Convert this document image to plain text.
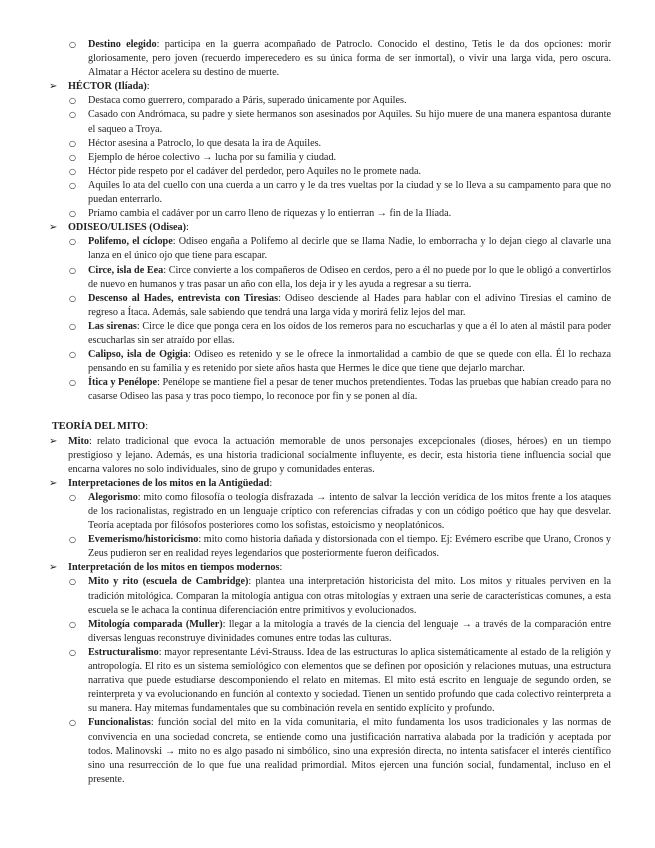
○ Destino elegido: participa en la guerra acompañado de Patroclo. Conocido el destino, Tetis le da dos opciones: morir gloriosamente, pero joven (recuerdo imperecedero es su única forma de ser inmortal), o vivir una larga vida, pero oscura. Almatar a Héctor acelera su destino de muerte.
➢ HÉCTOR (Ilíada):
○ Destaca como guerrero, comparado a Páris, superado únicamente por Aquiles.
○ Casado con Andrómaca, su padre y siete hermanos son asesinados por Aquiles. Su hijo muere de una manera espantosa durante el saqueo a Troya.
○ Héctor asesina a Patroclo, lo que desata la ira de Aquiles.
○ Ejemplo de héroe colectivo → lucha por su familia y ciudad.
○ Héctor pide respeto por el cadáver del perdedor, pero Aquiles no le promete nada.
○ Aquiles lo ata del cuello con una cuerda a un carro y le da tres vueltas por la ciudad y se lo lleva a su campamento para que no puedan enterrarlo.
○ Príamo cambia el cadáver por un carro lleno de riquezas y lo entierran → fin de la Ilíada.
➢ ODISEO/ULISES (Odisea):
○ Polifemo, el cíclope: Odiseo engaña a Polifemo al decirle que se llama Nadie, lo emborracha y lo dejan ciego al clavarle una lanza en el único ojo que tiene para escapar.
○ Circe, isla de Eea: Circe convierte a los compañeros de Odiseo en cerdos, pero a él no puede por lo que le obligó a convertirlos de nuevo en humanos y tras pasar un año con ella, los deja ir y les ayuda a regresar a su tierra.
○ Descenso al Hades, entrevista con Tiresias: Odiseo desciende al Hades para hablar con el adivino Tiresias el camino de regreso a Ítaca. Además, sale sabiendo que tendrá una larga vida y morirá feliz lejos del mar.
○ Las sirenas: Circe le dice que ponga cera en los oídos de los remeros para no escucharlas y que a él lo aten al mástil para poder escucharlas sin ser atraído por ellas.
○ Calipso, isla de Ogigia: Odiseo es retenido y se le ofrece la inmortalidad a cambio de que se quede con ella. Él lo rechaza pensando en su familia y es retenido por siete años hasta que Hermes le dice que tiene que dejarlo marchar.
○ Ítica y Penélope: Penélope se mantiene fiel a pesar de tener muchos pretendientes. Todas las pruebas que habían creado para no casarse Odiseo las pasa y tras poco tiempo, lo reconoce por fin y se ponen al día.
TEORÍA DEL MITO:
➢ Mito: relato tradicional que evoca la actuación memorable de unos personajes excepcionales (dioses, héroes) en un tiempo prestigioso y lejano. Además, es una historia tradicional socialmente influyente, es decir, esta historia tiene influencia social que encarna valores no solo individuales, sino de grupo y comunidades enteras.
➢ Interpretaciones de los mitos en la Antigüedad:
○ Alegorismo: mito como filosofía o teología disfrazada → intento de salvar la lección verídica de los mitos frente a los ataques de los racionalistas, registrado en un lenguaje críptico con referencias cifradas y con un código poético que hay que desvelar. Teoría aceptada por filósofos posteriores como los sofistas, estoicismo y neoplatónicos.
○ Evemerismo/historicismo: mito como historia dañada y distorsionada con el tiempo. Ej: Evémero escribe que Urano, Cronos y Zeus pudieron ser en realidad reyes legendarios que posteriormente fueron deificados.
➢ Interpretación de los mitos en tiempos modernos:
○ Mito y rito (escuela de Cambridge): plantea una interpretación historicista del mito. Los mitos y rituales perviven en la tradición mitológica. Comparan la mitología antigua con otras mitologías y extraen una serie de características comunes, a esta escuela se le achaca la continua diferenciación entre primitivos y evolucionados.
○ Mitología comparada (Muller): llegar a la mitología a través de la ciencia del lenguaje → a través de la comparación entre diversas lenguas reconstruye divinidades comunes entre todas las culturas.
○ Estructuralismo: mayor representante Lévi-Strauss. Idea de las estructuras lo aplica sistemáticamente al estado de la religión y antropología. El rito es un sistema semiológico con elementos que se definen por oposición y relaciones mutuas, una estructura narrativa que puede estudiarse descomponiendo el relato en mitemas. El mito está escrito en lenguaje de segundo orden, se reinterpreta y va evolucionando en función al contexto y sociedad. Tienen un sentido profundo que cada colectivo reinterpreta a su manera. Hay mitemas fundamentales que su combinación revela en sentido explícito y profundo.
○ Funcionalistas: función social del mito en la vida comunitaria, el mito fundamenta los usos tradicionales y las normas de convivencia en una sociedad concreta, se entiende como una justificación narrativa alabada por la tradición y aceptada por todos. Malinovski → mito no es algo pasado ni simbólico, sino una expresión directa, no intenta satisfacer el interés científico sino una resurrección de lo que fue una realidad primordial. Mitos ejercen una función social, fundamental, incluso en el presente.
